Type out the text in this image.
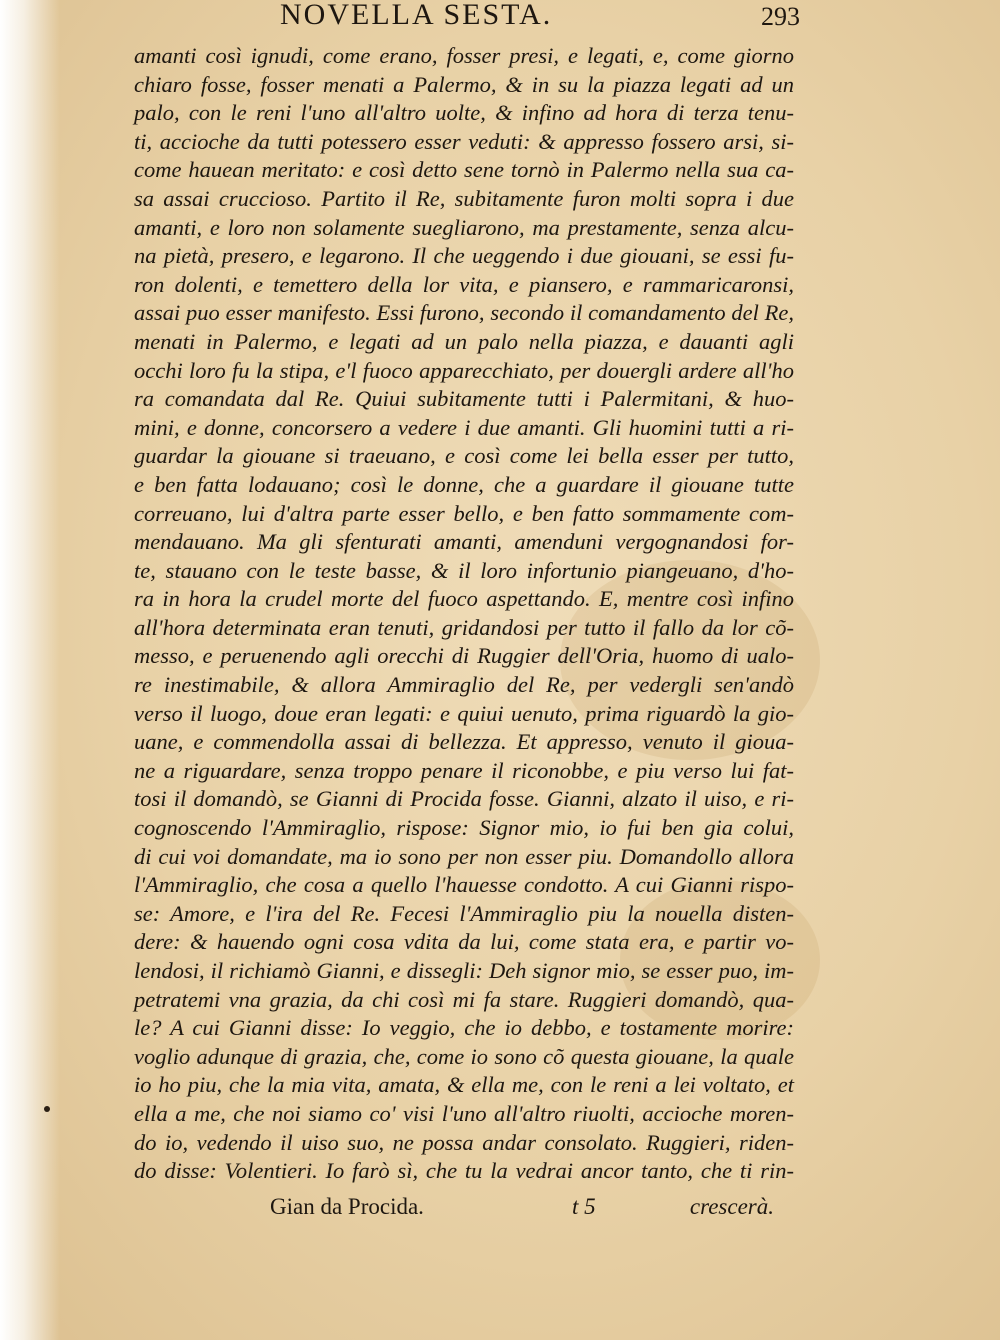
NOVELLA SESTA.	293
amanti così ignudi, come erano, fosser presi, e legati, e, come giorno
chiaro fosse, fosser menati a Palermo, & in su la piazza legati ad un
palo, con le reni l'uno all'altro uolte, & infino ad hora di terza tenu-
ti, accioche da tutti potessero esser veduti: & appresso fossero arsi, si-
come hauean meritato: e così detto sene tornò in Palermo nella sua ca-
sa assai crucciosо. Partito il Re, subitamente furon molti sopra i due
amanti, e loro non solamente suegliarono, ma prestamente, senza alcu-
na pietà, presero, e legarono. Il che ueggendo i due giouani, se essi fu-
ron dolenti, e temettero della lor vita, e piansero, e rammaricaronsi,
assai puo esser manifesto. Essi furono, secondo il comandamento del Re,
menati in Palermo, e legati ad un palo nella piazza, e dauanti agli
occhi loro fu la stipa, e'l fuoco apparecchiato, per douergli ardere all'ho
ra comandata dal Re. Quiui subitamente tutti i Palermitani, & huo-
mini, e donne, concorsero a vedere i due amanti. Gli huomini tutti a ri-
guardar la giouane si traeuano, e così come lei bella esser per tutto,
e ben fatta lodauano; così le donne, che a guardare il giouane tutte
correuano, lui d'altra parte esser bello, e ben fatto sommamente com-
mendauano. Ma gli sfenturati amanti, amenduni vergognandosi for-
te, stauano con le teste basse, & il loro infortunio piangeuano, d'ho-
ra in hora la crudel morte del fuoco aspettando. E, mentre così infino
all'hora determinata eran tenuti, gridandosi per tutto il fallo da lor cõ-
messo, e peruenendo agli orecchi di Ruggier dell'Oria, huomo di ualo-
re inestimabile, & allora Ammiraglio del Re, per vedergli sen'andò
verso il luogo, doue eran legati: e quiui uenuto, prima riguardò la gio-
uane, e commendolla assai di bellezza. Et appresso, venuto il giouа-
ne a riguardare, senza troppo penare il riconobbe, e piu verso lui fat-
tosi il domandò, se Gianni di Procida fosse. Gianni, alzato il uiso, e ri-
cognoscendo l'Ammiraglio, rispose: Signor mio, io fui ben gia colui,
di cui voi domandate, ma io sono per non esser piu. Domandollo allora
l'Ammiraglio, che cosa a quello l'hauesse condotto. A cui Gianni rispo-
se: Amore, e l'ira del Re. Fecesi l'Ammiraglio piu la nouella disten-
dere: & hauendo ogni cosa vdita da lui, come stata era, e partir vo-
lendosi, il richiamò Gianni, e dissegli: Deh signor mio, se esser puo, im-
petratemi vna grazia, da chi così mi fa stare. Ruggieri domandò, qua-
le? A cui Gianni disse: Io veggio, che io debbo, e tostamente morire:
voglio adunque di grazia, che, come io sono cõ questa giouane, la quale
io ho piu, che la mia vita, amata, & ella me, con le reni a lei voltato, et
ella a me, che noi siamo co' visi l'uno all'altro riuolti, accioche moren-
do io, vedendo il uiso suo, ne possa andar consolato. Ruggieri, riden-
do disse: Volentieri. Io farò sì, che tu la vedrai ancor tanto, che ti rin-
Gian da Procida.	t 5	crescerà.
